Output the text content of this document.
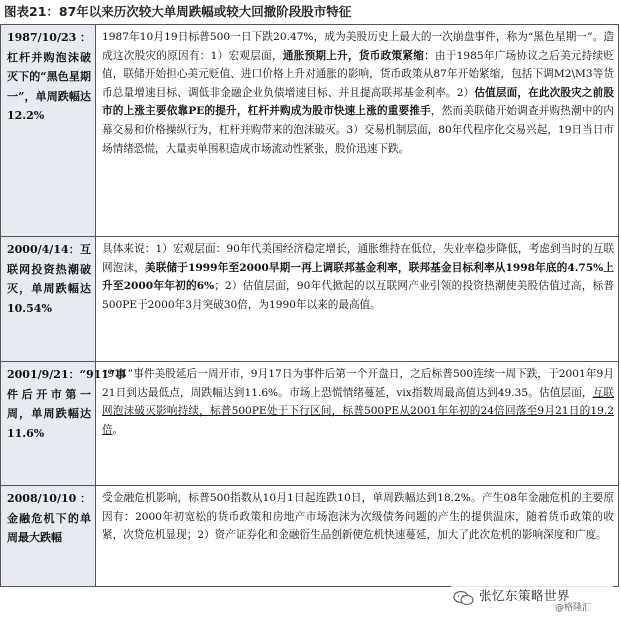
图表21：87年以来历次较大单周跌幅或较大回撤阶段股市特征
1987/10/23：杠杆并购泡沫破灭下的“黑色星期一”，单周跌幅达12.2%	1987年10月19日标普500一日下跌20.47%，成为美股历史上最大的一次崩盘事件，称为“黑色星期一”。造成这次股灾的原因有：1）宏观层面，通胀预期上升，货币政策紧缩：由于1985年广场协议之后美元持续贬值，联储开始担心美元贬值、进口价格上升对通胀的影响，货币政策从87年开始紧缩，包括下调M2\M3等货币总量增速目标、调低非金融企业负债增速目标、并且提高联邦基金利率。2）估值层面，在此次股灾之前股市的上涨主要依靠PE的提升，杠杆并购成为股市快速上涨的重要推手，然而美联储开始调查并购热潮中的内幕交易和价格操纵行为，杠杆并购带来的泡沫破灭。3）交易机制层面，80年代程序化交易兴起，19日当日市场情绪恐慌，大量卖单围积造成市场流动性紧张，股价迅速下跌。
2000/4/14：互联网投资热潮破灭，单周跌幅达10.54%	具体来说：1）宏观层面：90年代美国经济稳定增长，通胀维持在低位，失业率稳步降低，考虑到当时的互联网泡沫，美联储于1999年至2000早期一再上调联邦基金利率，联邦基金目标利率从1998年底的4.75%上升至2000年年初的6%；2）估值层面，90年代掀起的以互联网产业引领的投资热潮使美股估值过高，标普500PE于2000年3月突破30倍，为1990年以来的最高值。
2001/9/21：“911”事件后开市第一周，单周跌幅达11.6%	“911”事件美股延后一周开市，9月17日为事件后第一个开盘日，之后标普500连续一周下跌，于2001年9月21日到达最低点，周跌幅达到11.6%。市场上恐慌情绪蔓延，vix指数周最高值达到49.35。估值层面，互联网泡沫破灭影响持续，标普500PE处于下行区间，标普500PE从2001年年初的24倍回落至9月21日的19.2倍。
2008/10/10：金融危机下的单周最大跌幅	受金融危机影响，标普500指数从10月1日起连跌10日，单周跌幅达到18.2%。产生08年金融危机的主要原因有：2000年初宽松的货币政策和房地产市场泡沫为次级债务问题的产生的提供温床，随着货币政策的收紧，次贷危机显现；2）资产证券化和金融衍生品创新使危机快速蔓延，加大了此次危机的影响深度和广度。
张忆东策略世界
@格隆汇
